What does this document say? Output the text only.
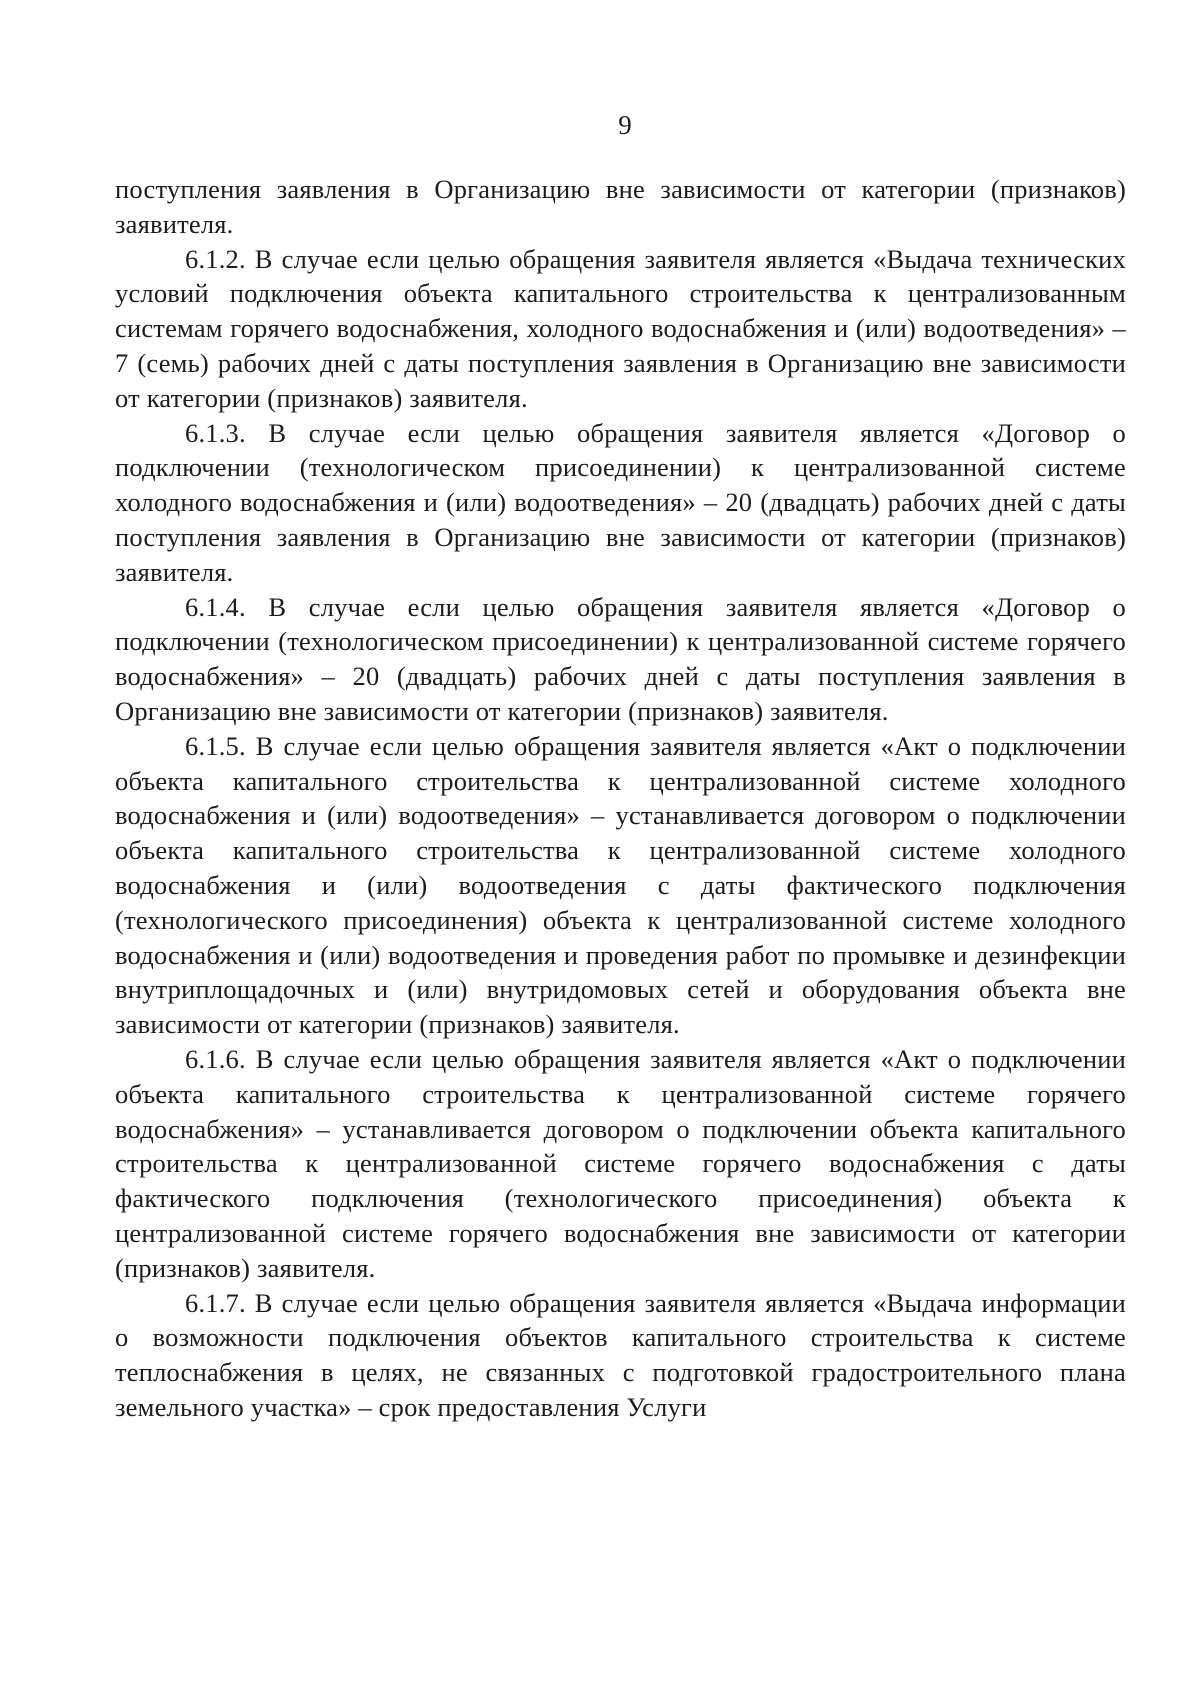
9

поступления заявления в Организацию вне зависимости от категории (признаков) заявителя.

6.1.2. В случае если целью обращения заявителя является «Выдача технических условий подключения объекта капитального строительства к централизованным системам горячего водоснабжения, холодного водоснабжения и (или) водоотведения» – 7 (семь) рабочих дней с даты поступления заявления в Организацию вне зависимости от категории (признаков) заявителя.

6.1.3. В случае если целью обращения заявителя является «Договор о подключении (технологическом присоединении) к централизованной системе холодного водоснабжения и (или) водоотведения» – 20 (двадцать) рабочих дней с даты поступления заявления в Организацию вне зависимости от категории (признаков) заявителя.

6.1.4. В случае если целью обращения заявителя является «Договор о подключении (технологическом присоединении) к централизованной системе горячего водоснабжения» – 20 (двадцать) рабочих дней с даты поступления заявления в Организацию вне зависимости от категории (признаков) заявителя.

6.1.5. В случае если целью обращения заявителя является «Акт о подключении объекта капитального строительства к централизованной системе холодного водоснабжения и (или) водоотведения» – устанавливается договором о подключении объекта капитального строительства к централизованной системе холодного водоснабжения и (или) водоотведения с даты фактического подключения (технологического присоединения) объекта к централизованной системе холодного водоснабжения и (или) водоотведения и проведения работ по промывке и дезинфекции внутриплощадочных и (или) внутридомовых сетей и оборудования объекта вне зависимости от категории (признаков) заявителя.

6.1.6. В случае если целью обращения заявителя является «Акт о подключении объекта капитального строительства к централизованной системе горячего водоснабжения» – устанавливается договором о подключении объекта капитального строительства к централизованной системе горячего водоснабжения с даты фактического подключения (технологического присоединения) объекта к централизованной системе горячего водоснабжения вне зависимости от категории (признаков) заявителя.

6.1.7. В случае если целью обращения заявителя является «Выдача информации о возможности подключения объектов капитального строительства к системе теплоснабжения в целях, не связанных с подготовкой градостроительного плана земельного участка» – срок предоставления Услуги
